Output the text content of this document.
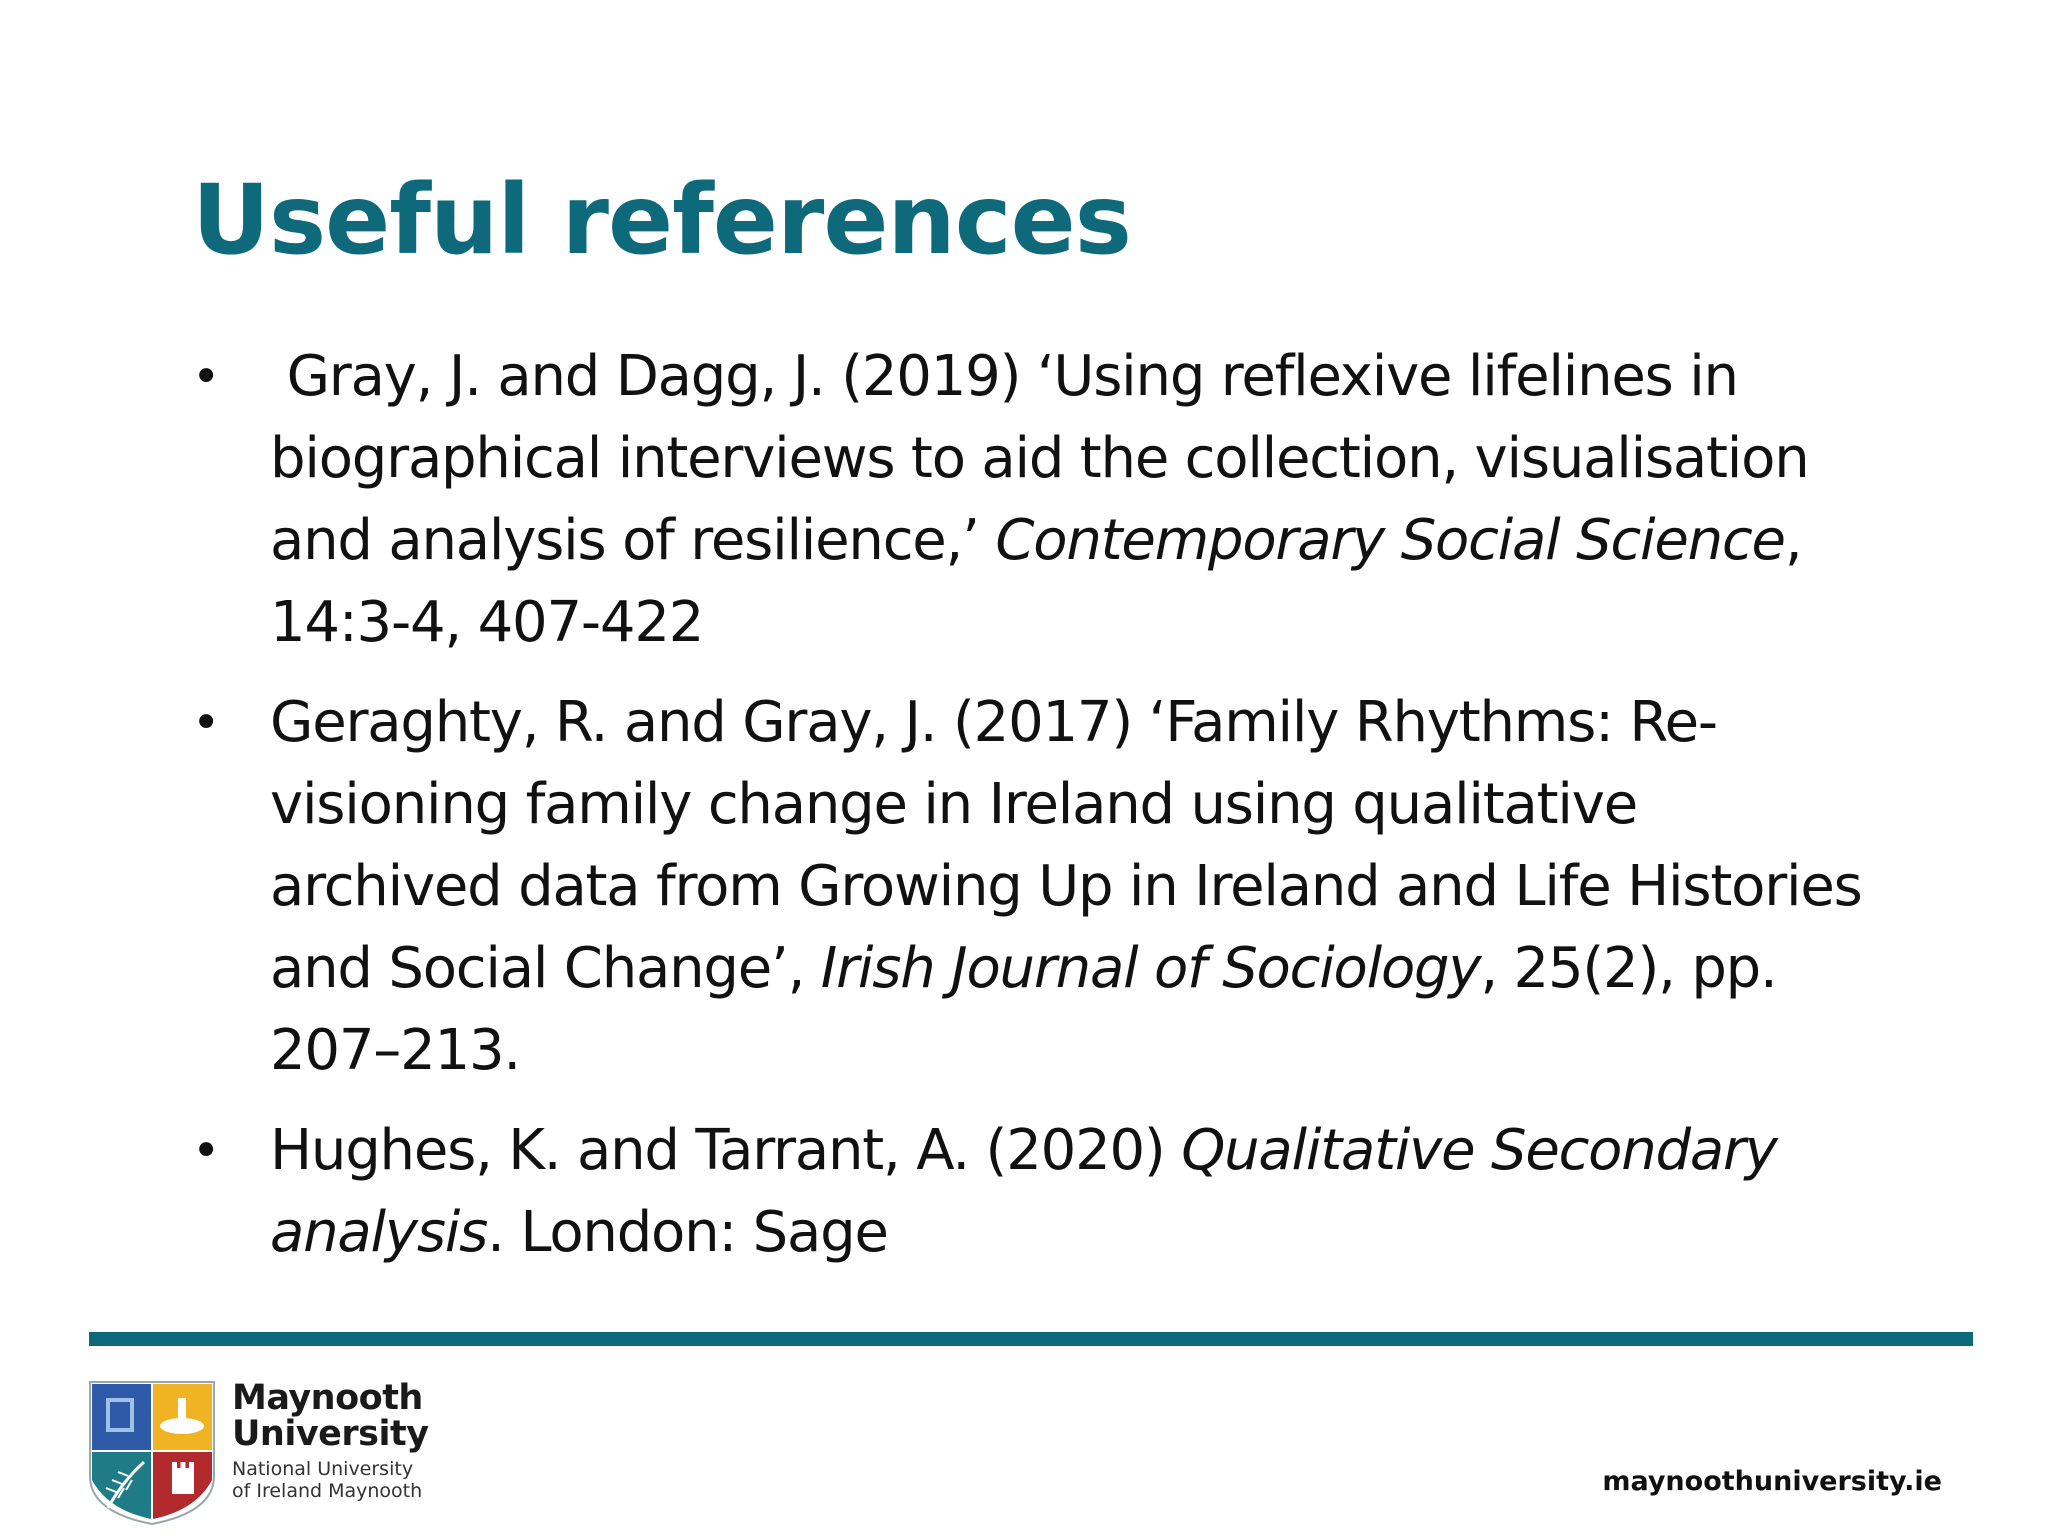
Useful references
• Gray, J. and Dagg, J. (2019) ‘Using reflexive lifelines in biographical interviews to aid the collection, visualisation and analysis of resilience,’ Contemporary Social Science, 14:3-4, 407-422
• Geraghty, R. and Gray, J. (2017) ‘Family Rhythms: Re-visioning family change in Ireland using qualitative archived data from Growing Up in Ireland and Life Histories and Social Change’, Irish Journal of Sociology, 25(2), pp. 207–213.
• Hughes, K. and Tarrant, A. (2020) Qualitative Secondary analysis. London: Sage

Maynooth
University

National University
of Ireland Maynooth	maynoothuniversity.ie
